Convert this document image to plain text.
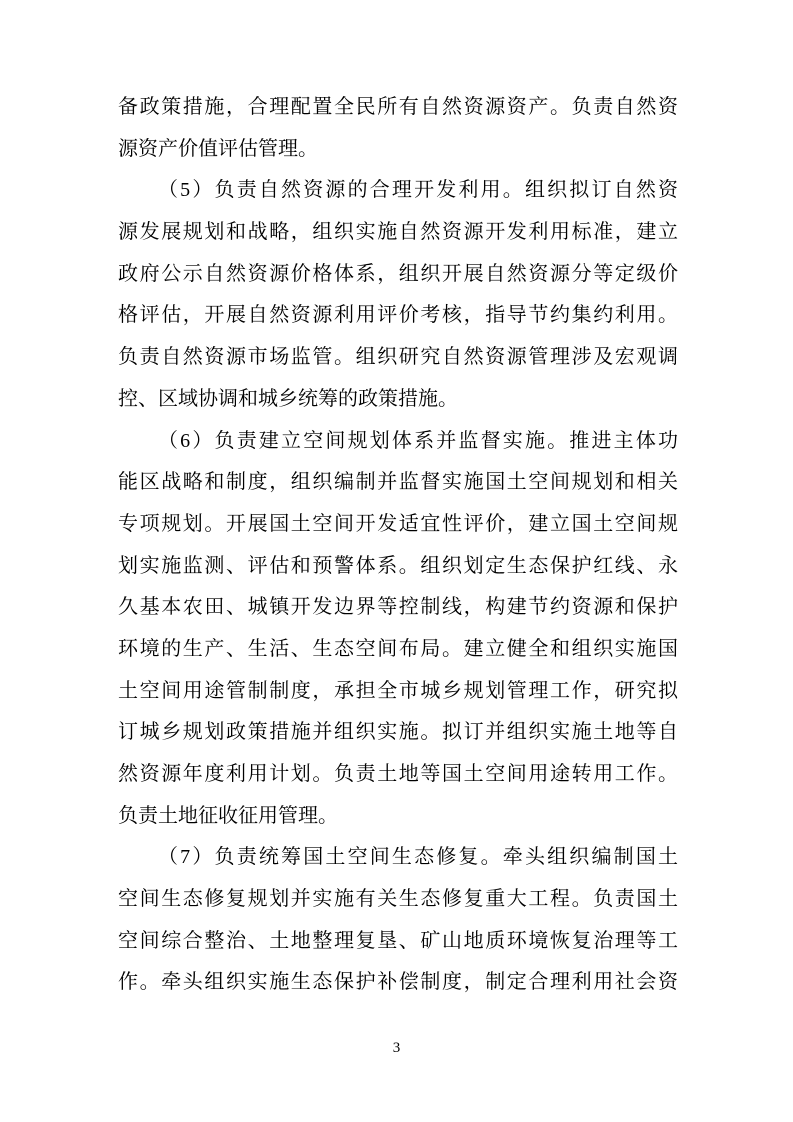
备政策措施，合理配置全民所有自然资源资产。负责自然资
源资产价值评估管理。
（5）负责自然资源的合理开发利用。组织拟订自然资
源发展规划和战略，组织实施自然资源开发利用标准，建立
政府公示自然资源价格体系，组织开展自然资源分等定级价
格评估，开展自然资源利用评价考核，指导节约集约利用。
负责自然资源市场监管。组织研究自然资源管理涉及宏观调
控、区域协调和城乡统筹的政策措施。
（6）负责建立空间规划体系并监督实施。推进主体功
能区战略和制度，组织编制并监督实施国土空间规划和相关
专项规划。开展国土空间开发适宜性评价，建立国土空间规
划实施监测、评估和预警体系。组织划定生态保护红线、永
久基本农田、城镇开发边界等控制线，构建节约资源和保护
环境的生产、生活、生态空间布局。建立健全和组织实施国
土空间用途管制制度，承担全市城乡规划管理工作，研究拟
订城乡规划政策措施并组织实施。拟订并组织实施土地等自
然资源年度利用计划。负责土地等国土空间用途转用工作。
负责土地征收征用管理。
（7）负责统筹国土空间生态修复。牵头组织编制国土
空间生态修复规划并实施有关生态修复重大工程。负责国土
空间综合整治、土地整理复垦、矿山地质环境恢复治理等工
作。牵头组织实施生态保护补偿制度，制定合理利用社会资
3
